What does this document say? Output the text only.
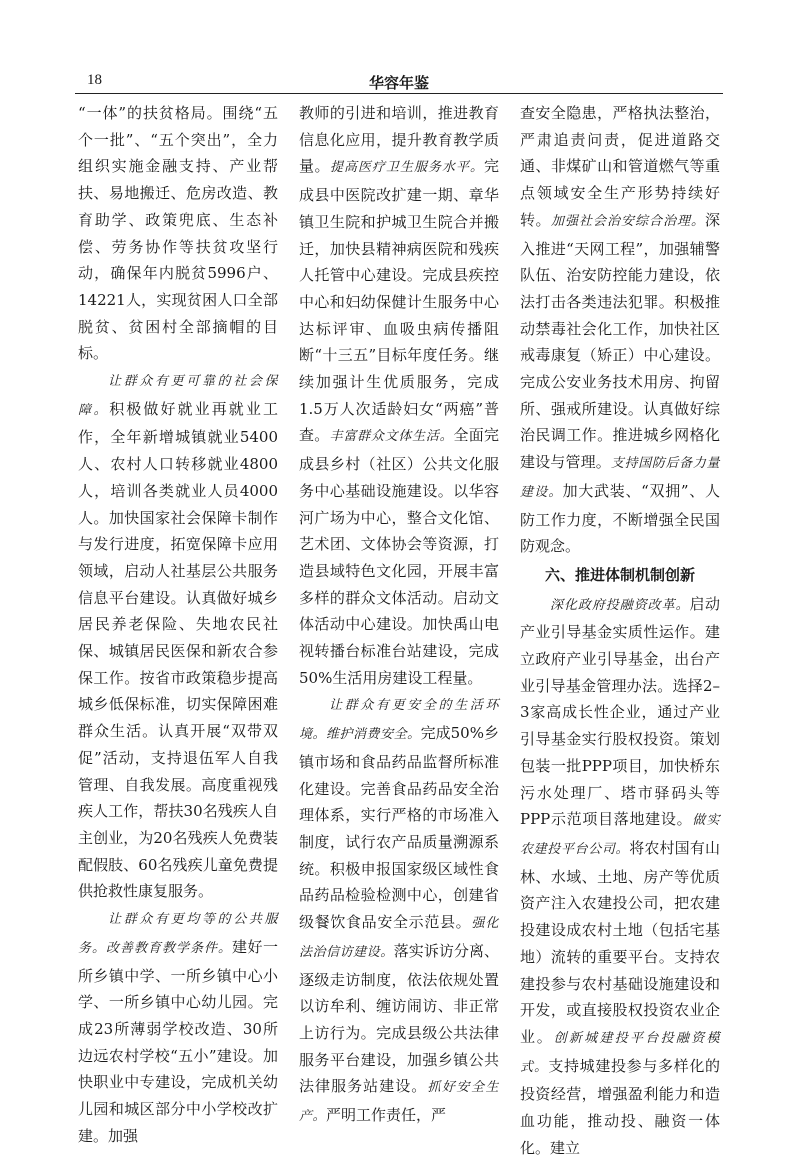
18	华容年鉴

“一体”的扶贫格局。围绕“五个一批”、“五个突出”，全力组织实施金融支持、产业帮扶、易地搬迁、危房改造、教育助学、政策兜底、生态补偿、劳务协作等扶贫攻坚行动，确保年内脱贫5996户、14221人，实现贫困人口全部脱贫、贫困村全部摘帽的目标。

让群众有更可靠的社会保障。积极做好就业再就业工作，全年新增城镇就业5400人、农村人口转移就业4800人，培训各类就业人员4000人。加快国家社会保障卡制作与发行进度，拓宽保障卡应用领域，启动人社基层公共服务信息平台建设。认真做好城乡居民养老保险、失地农民社保、城镇居民医保和新农合参保工作。按省市政策稳步提高城乡低保标准，切实保障困难群众生活。认真开展“双带双促”活动，支持退伍军人自我管理、自我发展。高度重视残疾人工作，帮扶30名残疾人自主创业，为20名残疾人免费装配假肢、60名残疾儿童免费提供抢救性康复服务。

让群众有更均等的公共服务。改善教育教学条件。建好一所乡镇中学、一所乡镇中心小学、一所乡镇中心幼儿园。完成23所薄弱学校改造、30所边远农村学校“五小”建设。加快职业中专建设，完成机关幼儿园和城区部分中小学校改扩建。加强

教师的引进和培训，推进教育信息化应用，提升教育教学质量。提高医疗卫生服务水平。完成县中医院改扩建一期、章华镇卫生院和护城卫生院合并搬迁，加快县精神病医院和残疾人托管中心建设。完成县疾控中心和妇幼保健计生服务中心达标评审、血吸虫病传播阻断“十三五”目标年度任务。继续加强计生优质服务，完成1.5万人次适龄妇女“两癌”普查。丰富群众文体生活。全面完成县乡村（社区）公共文化服务中心基础设施建设。以华容河广场为中心，整合文化馆、艺术团、文体协会等资源，打造县域特色文化园，开展丰富多样的群众文体活动。启动文体活动中心建设。加快禹山电视转播台标准台站建设，完成50%生活用房建设工程量。

让群众有更安全的生活环境。维护消费安全。完成50%乡镇市场和食品药品监督所标准化建设。完善食品药品安全治理体系，实行严格的市场准入制度，试行农产品质量溯源系统。积极申报国家级区域性食品药品检验检测中心，创建省级餐饮食品安全示范县。强化法治信访建设。落实诉访分离、逐级走访制度，依法依规处置以访牟利、缠访闹访、非正常上访行为。完成县级公共法律服务平台建设，加强乡镇公共法律服务站建设。抓好安全生产。严明工作责任，严

查安全隐患，严格执法整治，严肃追责问责，促进道路交通、非煤矿山和管道燃气等重点领域安全生产形势持续好转。加强社会治安综合治理。深入推进“天网工程”，加强辅警队伍、治安防控能力建设，依法打击各类违法犯罪。积极推动禁毒社会化工作，加快社区戒毒康复（矫正）中心建设。完成公安业务技术用房、拘留所、强戒所建设。认真做好综治民调工作。推进城乡网格化建设与管理。支持国防后备力量建设。加大武装、“双拥”、人防工作力度，不断增强全民国防观念。

六、推进体制机制创新

深化政府投融资改革。启动产业引导基金实质性运作。建立政府产业引导基金，出台产业引导基金管理办法。选择2–3家高成长性企业，通过产业引导基金实行股权投资。策划包装一批PPP项目，加快桥东污水处理厂、塔市驿码头等PPP示范项目落地建设。做实农建投平台公司。将农村国有山林、水域、土地、房产等优质资产注入农建投公司，把农建投建设成农村土地（包括宅基地）流转的重要平台。支持农建投参与农村基础设施建设和开发，或直接股权投资农业企业。创新城建投平台投融资模式。支持城建投参与多样化的投资经营，增强盈利能力和造血功能，推动投、融资一体化。建立
